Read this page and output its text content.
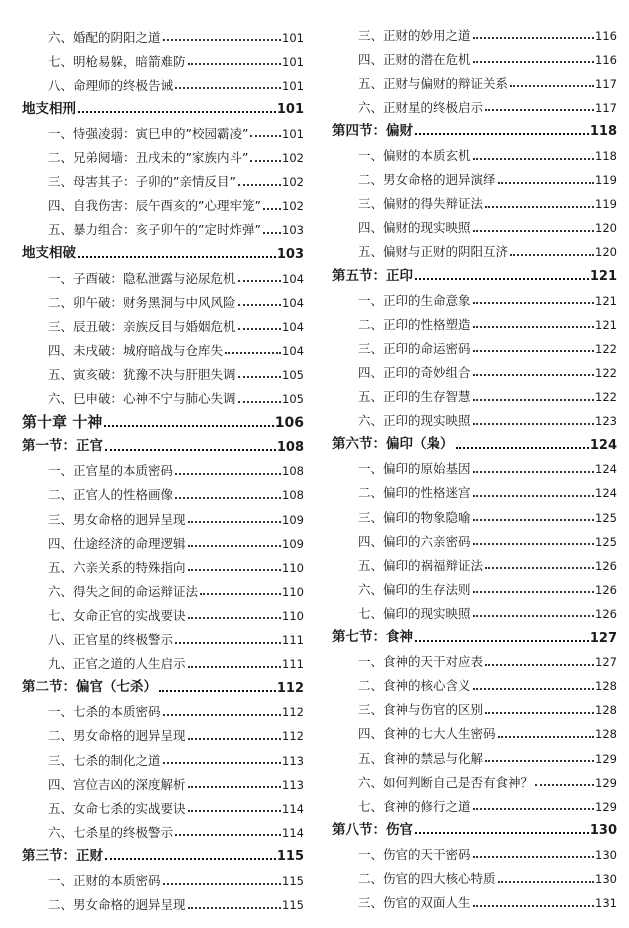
六、婚配的阴阳之道	101
七、明枪易躲，暗箭难防	101
八、命理师的终极告诫	101
地支相刑	101
一、恃强凌弱：寅巳申的”校园霸凌”	101
二、兄弟阋墙：丑戌未的”家族内斗”	102
三、母害其子：子卯的”亲情反目”	102
四、自我伤害：辰午酉亥的”心理牢笼” 102
五、暴力组合：亥子卯午的”定时炸弹” 103
地支相破	103
一、子酉破：隐私泄露与泌尿危机	104
二、卯午破：财务黑洞与中风风险	104
三、辰丑破：亲族反目与婚姻危机	104
四、未戌破：城府暗战与仓库失	104
五、寅亥破：犹豫不决与肝胆失调	105
六、巳申破：心神不宁与肺心失调	105
第十章 十神	106
第一节：正官	108
一、正官星的本质密码	108
二、正官人的性格画像	108
三、男女命格的迥异呈现	109
四、仕途经济的命理逻辑	109
五、六亲关系的特殊指向	110
六、得失之间的命运辩证法	110
七、女命正官的实战要诀	110
八、正官星的终极警示	111
九、正官之道的人生启示	111
第二节：偏官（七杀）	112
一、七杀的本质密码	112
二、男女命格的迥异呈现	112
三、七杀的制化之道	113
四、宫位吉凶的深度解析	113
五、女命七杀的实战要诀	114
六、七杀星的终极警示	114
第三节：正财	115
一、正财的本质密码	115
二、男女命格的迥异呈现	115
三、正财的妙用之道	116
四、正财的潜在危机	116
五、正财与偏财的辩证关系	117
六、正财星的终极启示	117
第四节：偏财	118
一、偏财的本质玄机	118
二、男女命格的迥异演绎	119
三、偏财的得失辩证法	119
四、偏财的现实映照	120
五、偏财与正财的阴阳互济	120
第五节：正印	121
一、正印的生命意象	121
二、正印的性格塑造	121
三、正印的命运密码	122
四、正印的奇妙组合	122
五、正印的生存智慧	122
六、正印的现实映照	123
第六节：偏印（枭）	124
一、偏印的原始基因	124
二、偏印的性格迷宫	124
三、偏印的物象隐喻	125
四、偏印的六亲密码	125
五、偏印的祸福辩证法	126
六、偏印的生存法则	126
七、偏印的现实映照	126
第七节：食神	127
一、食神的天干对应表	127
二、食神的核心含义	128
三、食神与伤官的区别	128
四、食神的七大人生密码	128
五、食神的禁忌与化解	129
六、如何判断自己是否有食神？	129
七、食神的修行之道	129
第八节：伤官	130
一、伤官的天干密码	130
二、伤官的四大核心特质	130
三、伤官的双面人生	131
